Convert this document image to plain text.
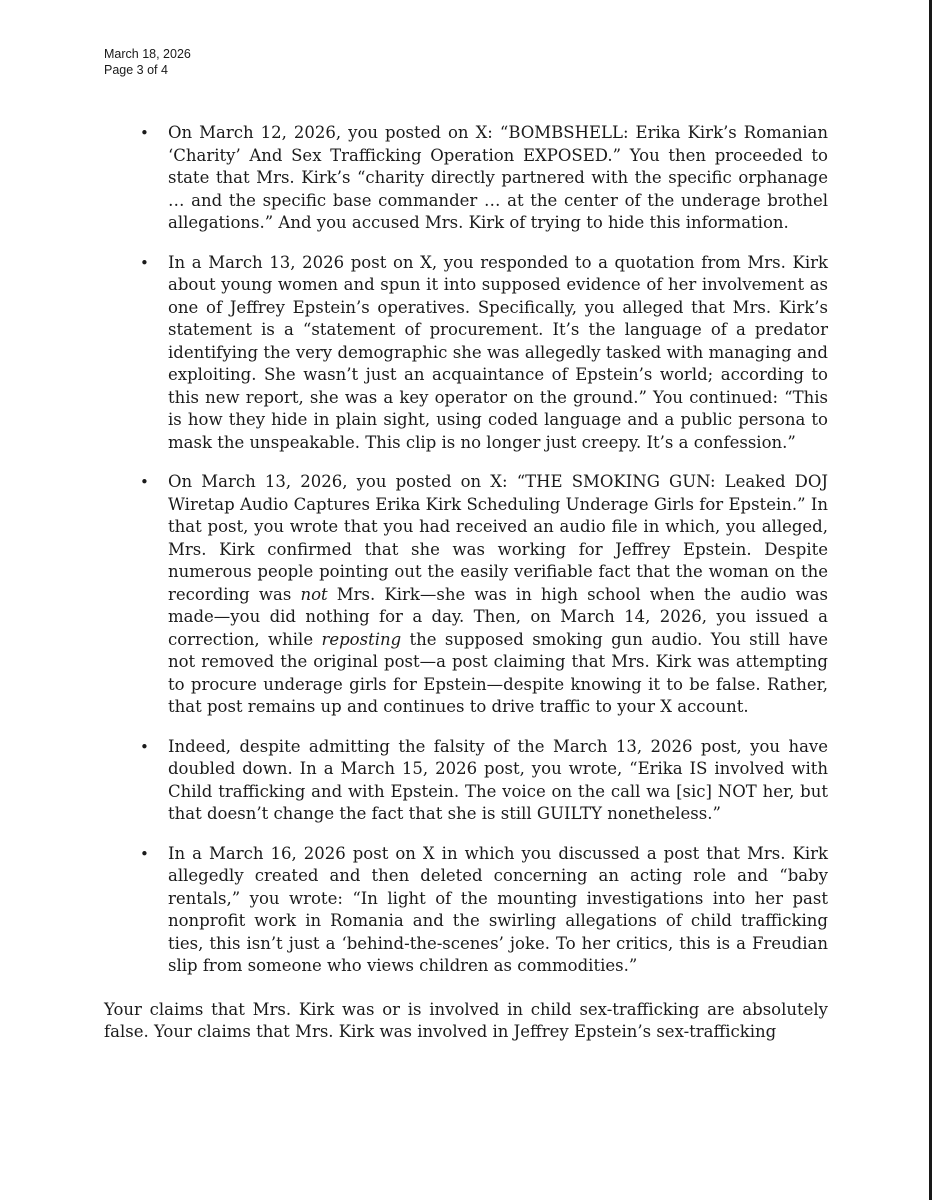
March 18, 2026
Page 3 of 4
• On March 12, 2026, you posted on X: “BOMBSHELL: Erika Kirk’s Romanian ‘Charity’ And Sex Trafficking Operation EXPOSED.” You then proceeded to state that Mrs. Kirk’s “charity directly partnered with the specific orphanage … and the specific base commander … at the center of the underage brothel allegations.” And you accused Mrs. Kirk of trying to hide this information.
• In a March 13, 2026 post on X, you responded to a quotation from Mrs. Kirk about young women and spun it into supposed evidence of her involvement as one of Jeffrey Epstein’s operatives. Specifically, you alleged that Mrs. Kirk’s statement is a “statement of procurement. It’s the language of a predator identifying the very demographic she was allegedly tasked with managing and exploiting. She wasn’t just an acquaintance of Epstein’s world; according to this new report, she was a key operator on the ground.” You continued: “This is how they hide in plain sight, using coded language and a public persona to mask the unspeakable. This clip is no longer just creepy. It’s a confession.”
• On March 13, 2026, you posted on X: “THE SMOKING GUN: Leaked DOJ Wiretap Audio Captures Erika Kirk Scheduling Underage Girls for Epstein.” In that post, you wrote that you had received an audio file in which, you alleged, Mrs. Kirk confirmed that she was working for Jeffrey Epstein. Despite numerous people pointing out the easily verifiable fact that the woman on the recording was not Mrs. Kirk—she was in high school when the audio was made—you did nothing for a day. Then, on March 14, 2026, you issued a correction, while reposting the supposed smoking gun audio. You still have not removed the original post—a post claiming that Mrs. Kirk was attempting to procure underage girls for Epstein—despite knowing it to be false. Rather, that post remains up and continues to drive traffic to your X account.
• Indeed, despite admitting the falsity of the March 13, 2026 post, you have doubled down. In a March 15, 2026 post, you wrote, “Erika IS involved with Child trafficking and with Epstein. The voice on the call wa [sic] NOT her, but that doesn’t change the fact that she is still GUILTY nonetheless.”
• In a March 16, 2026 post on X in which you discussed a post that Mrs. Kirk allegedly created and then deleted concerning an acting role and “baby rentals,” you wrote: “In light of the mounting investigations into her past nonprofit work in Romania and the swirling allegations of child trafficking ties, this isn’t just a ‘behind-the-scenes’ joke. To her critics, this is a Freudian slip from someone who views children as commodities.”

Your claims that Mrs. Kirk was or is involved in child sex-trafficking are absolutely false. Your claims that Mrs. Kirk was involved in Jeffrey Epstein’s sex-trafficking
